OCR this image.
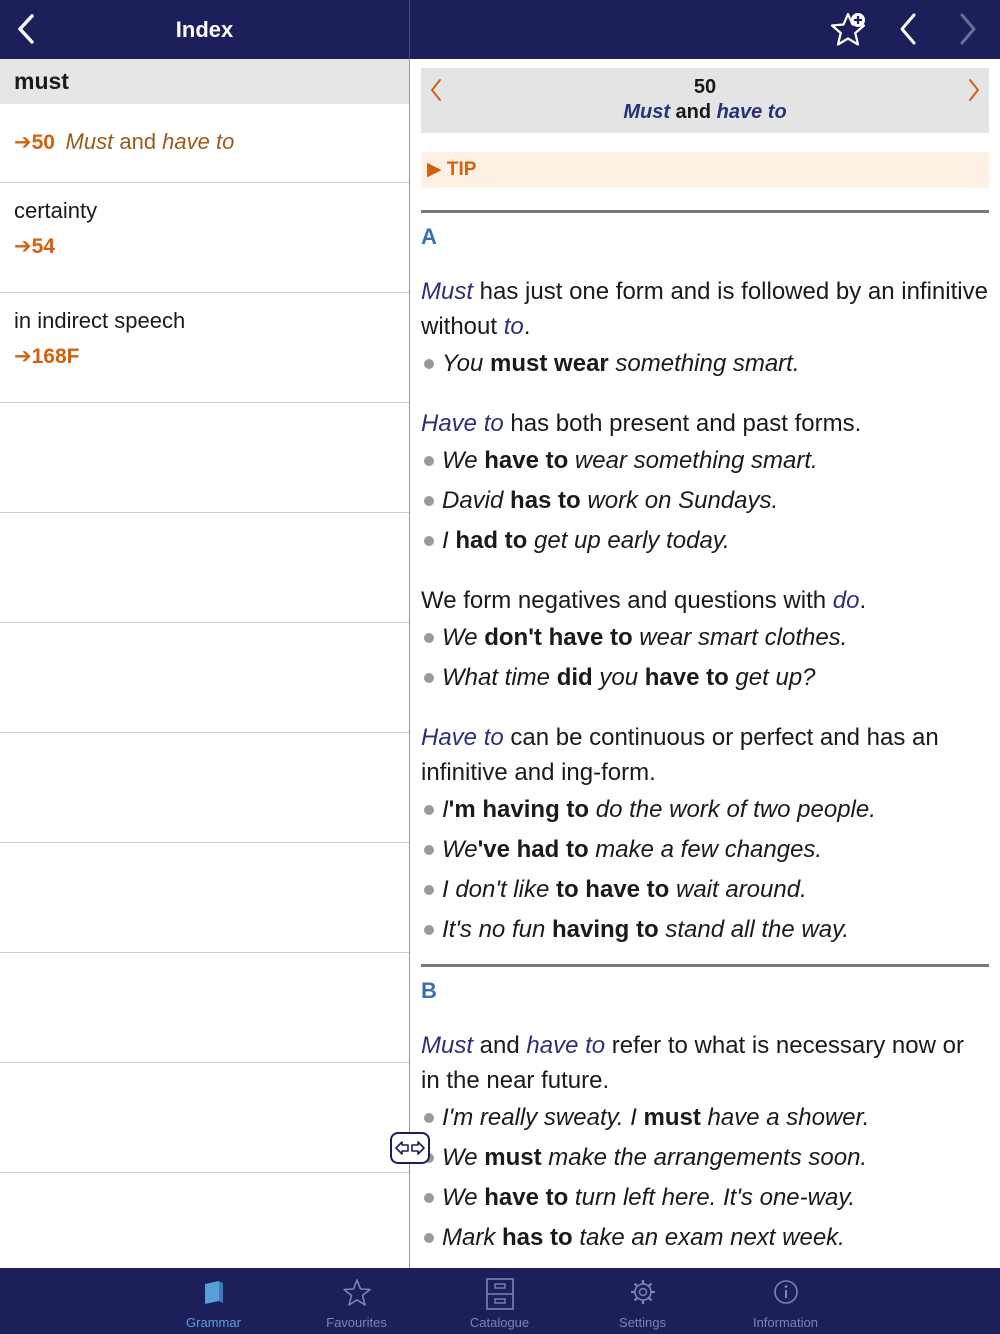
Index
must
➔50 Must and have to
certainty
➔54
in indirect speech
➔168F
50
Must and have to
▶ TIP
A
Must has just one form and is followed by an infinitive without to.
You must wear something smart.
Have to has both present and past forms.
We have to wear something smart.
David has to work on Sundays.
I had to get up early today.
We form negatives and questions with do.
We don't have to wear smart clothes.
What time did you have to get up?
Have to can be continuous or perfect and has an infinitive and ing-form.
I'm having to do the work of two people.
We've had to make a few changes.
I don't like to have to wait around.
It's no fun having to stand all the way.
B
Must and have to refer to what is necessary now or in the near future.
I'm really sweaty. I must have a shower.
We must make the arrangements soon.
We have to turn left here. It's one-way.
Mark has to take an exam next week.
Grammar	Favourites	Catalogue	Settings	Information
